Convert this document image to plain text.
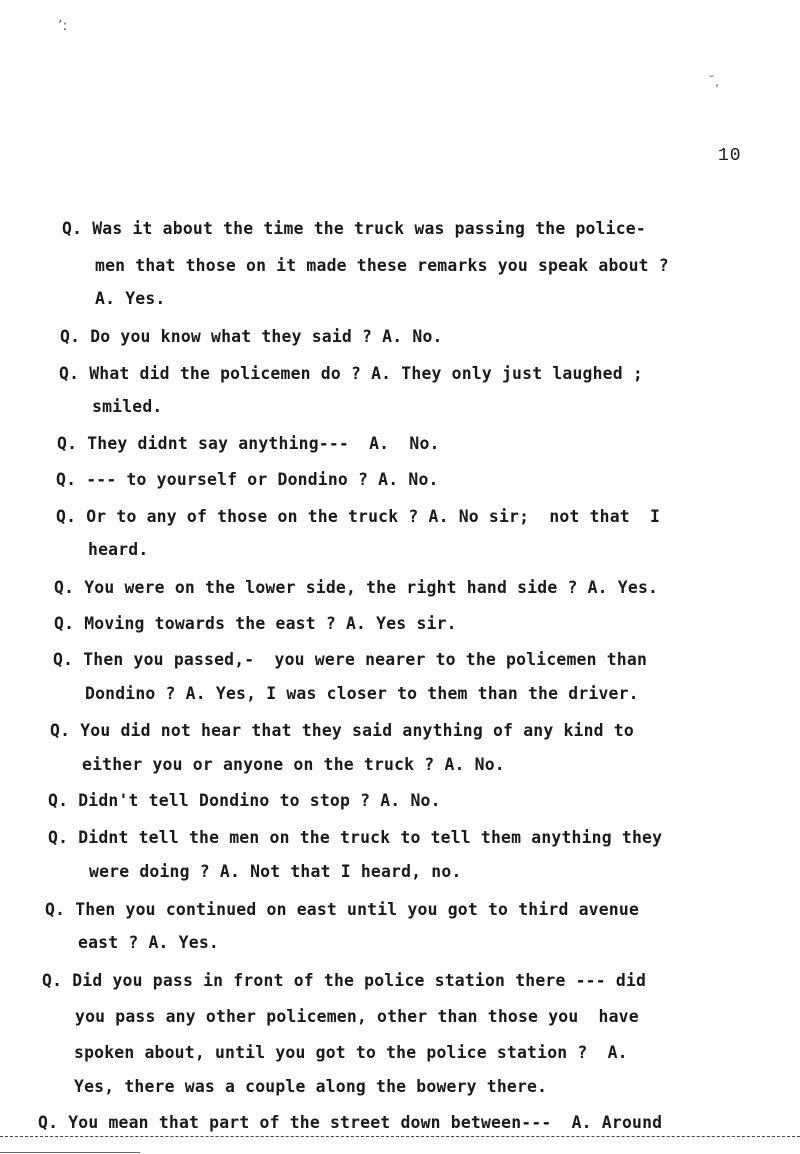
ʼ:
˘,
10
Q. Was it about the time the truck was passing the police-
men that those on it made these remarks you speak about ?
A. Yes.
Q. Do you know what they said ? A. No.
Q. What did the policemen do ? A. They only just laughed ;
smiled.
Q. They didnt say anything---  A.  No.
Q. --- to yourself or Dondino ? A. No.
Q. Or to any of those on the truck ? A. No sir;  not that  I
heard.
Q. You were on the lower side, the right hand side ? A. Yes.
Q. Moving towards the east ? A. Yes sir.
Q. Then you passed,-  you were nearer to the policemen than
Dondino ? A. Yes, I was closer to them than the driver.
Q. You did not hear that they said anything of any kind to
either you or anyone on the truck ? A. No.
Q. Didn't tell Dondino to stop ? A. No.
Q. Didnt tell the men on the truck to tell them anything they
were doing ? A. Not that I heard, no.
Q. Then you continued on east until you got to third avenue
east ? A. Yes.
Q. Did you pass in front of the police station there --- did
you pass any other policemen, other than those you  have
spoken about, until you got to the police station ?  A.
Yes, there was a couple along the bowery there.
Q. You mean that part of the street down between---  A. Around
